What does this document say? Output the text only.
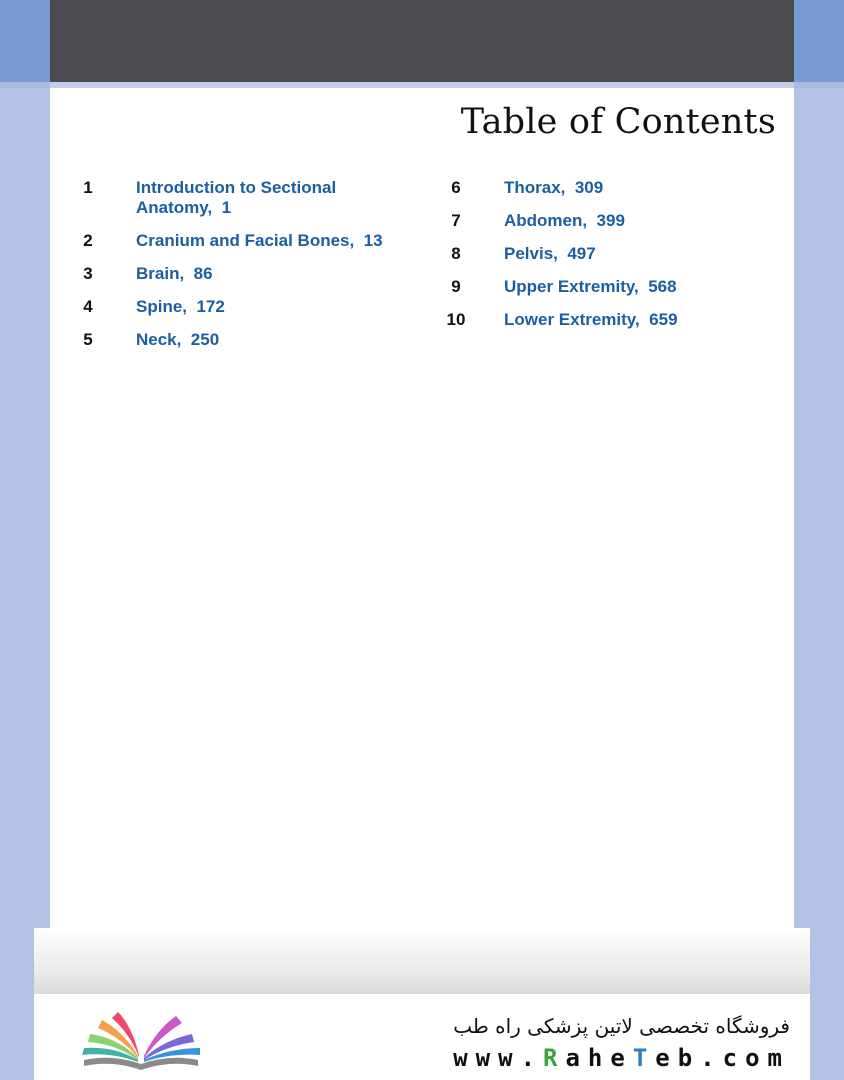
Table of Contents
1	Introduction to Sectional Anatomy,  1
2	Cranium and Facial Bones,  13
3	Brain,  86
4	Spine,  172
5	Neck,  250
6	Thorax,  309
7	Abdomen,  399
8	Pelvis,  497
9	Upper Extremity,  568
10	Lower Extremity,  659

فروشگاه تخصصی لاتین پزشکی راه طب

www.RaheTeb.com
